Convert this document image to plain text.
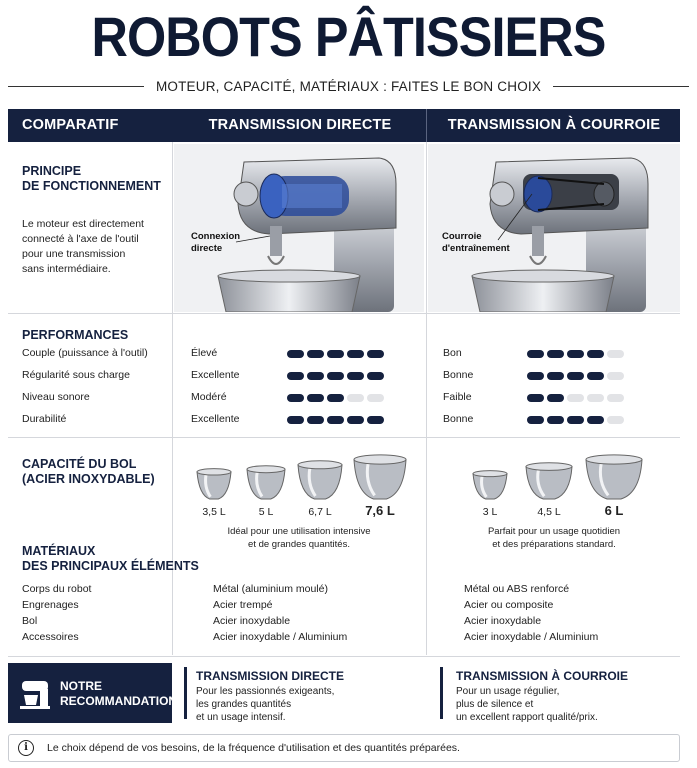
ROBOTS PÂTISSIERS
MOTEUR, CAPACITÉ, MATÉRIAUX : FAITES LE BON CHOIX
COMPARATIF	TRANSMISSION DIRECTE	TRANSMISSION À COURROIE
PRINCIPE
DE FONCTIONNEMENT
Le moteur est directement
connecté à l'axe de l'outil
pour une transmission
sans intermédiaire.
Connexion
directe
Courroie
d'entraînement
PERFORMANCES
Couple (puissance à l'outil)	Élevé	Bon
Régularité sous charge	Excellente	Bonne
Niveau sonore	Modéré	Faible
Durabilité	Excellente	Bonne
CAPACITÉ DU BOL
(ACIER INOXYDABLE)
3,5 L	5 L	6,7 L	7,6 L	3 L	4,5 L	6 L
Idéal pour une utilisation intensive
et de grandes quantités.
Parfait pour un usage quotidien
et des préparations standard.
MATÉRIAUX
DES PRINCIPAUX ÉLÉMENTS
Corps du robot	Métal (aluminium moulé)	Métal ou ABS renforcé
Engrenages	Acier trempé	Acier ou composite
Bol	Acier inoxydable	Acier inoxydable
Accessoires	Acier inoxydable / Aluminium	Acier inoxydable / Aluminium
NOTRE
RECOMMANDATION
TRANSMISSION DIRECTE
Pour les passionnés exigeants,
les grandes quantités
et un usage intensif.
TRANSMISSION À COURROIE
Pour un usage régulier,
plus de silence et
un excellent rapport qualité/prix.
i	Le choix dépend de vos besoins, de la fréquence d'utilisation et des quantités préparées.
